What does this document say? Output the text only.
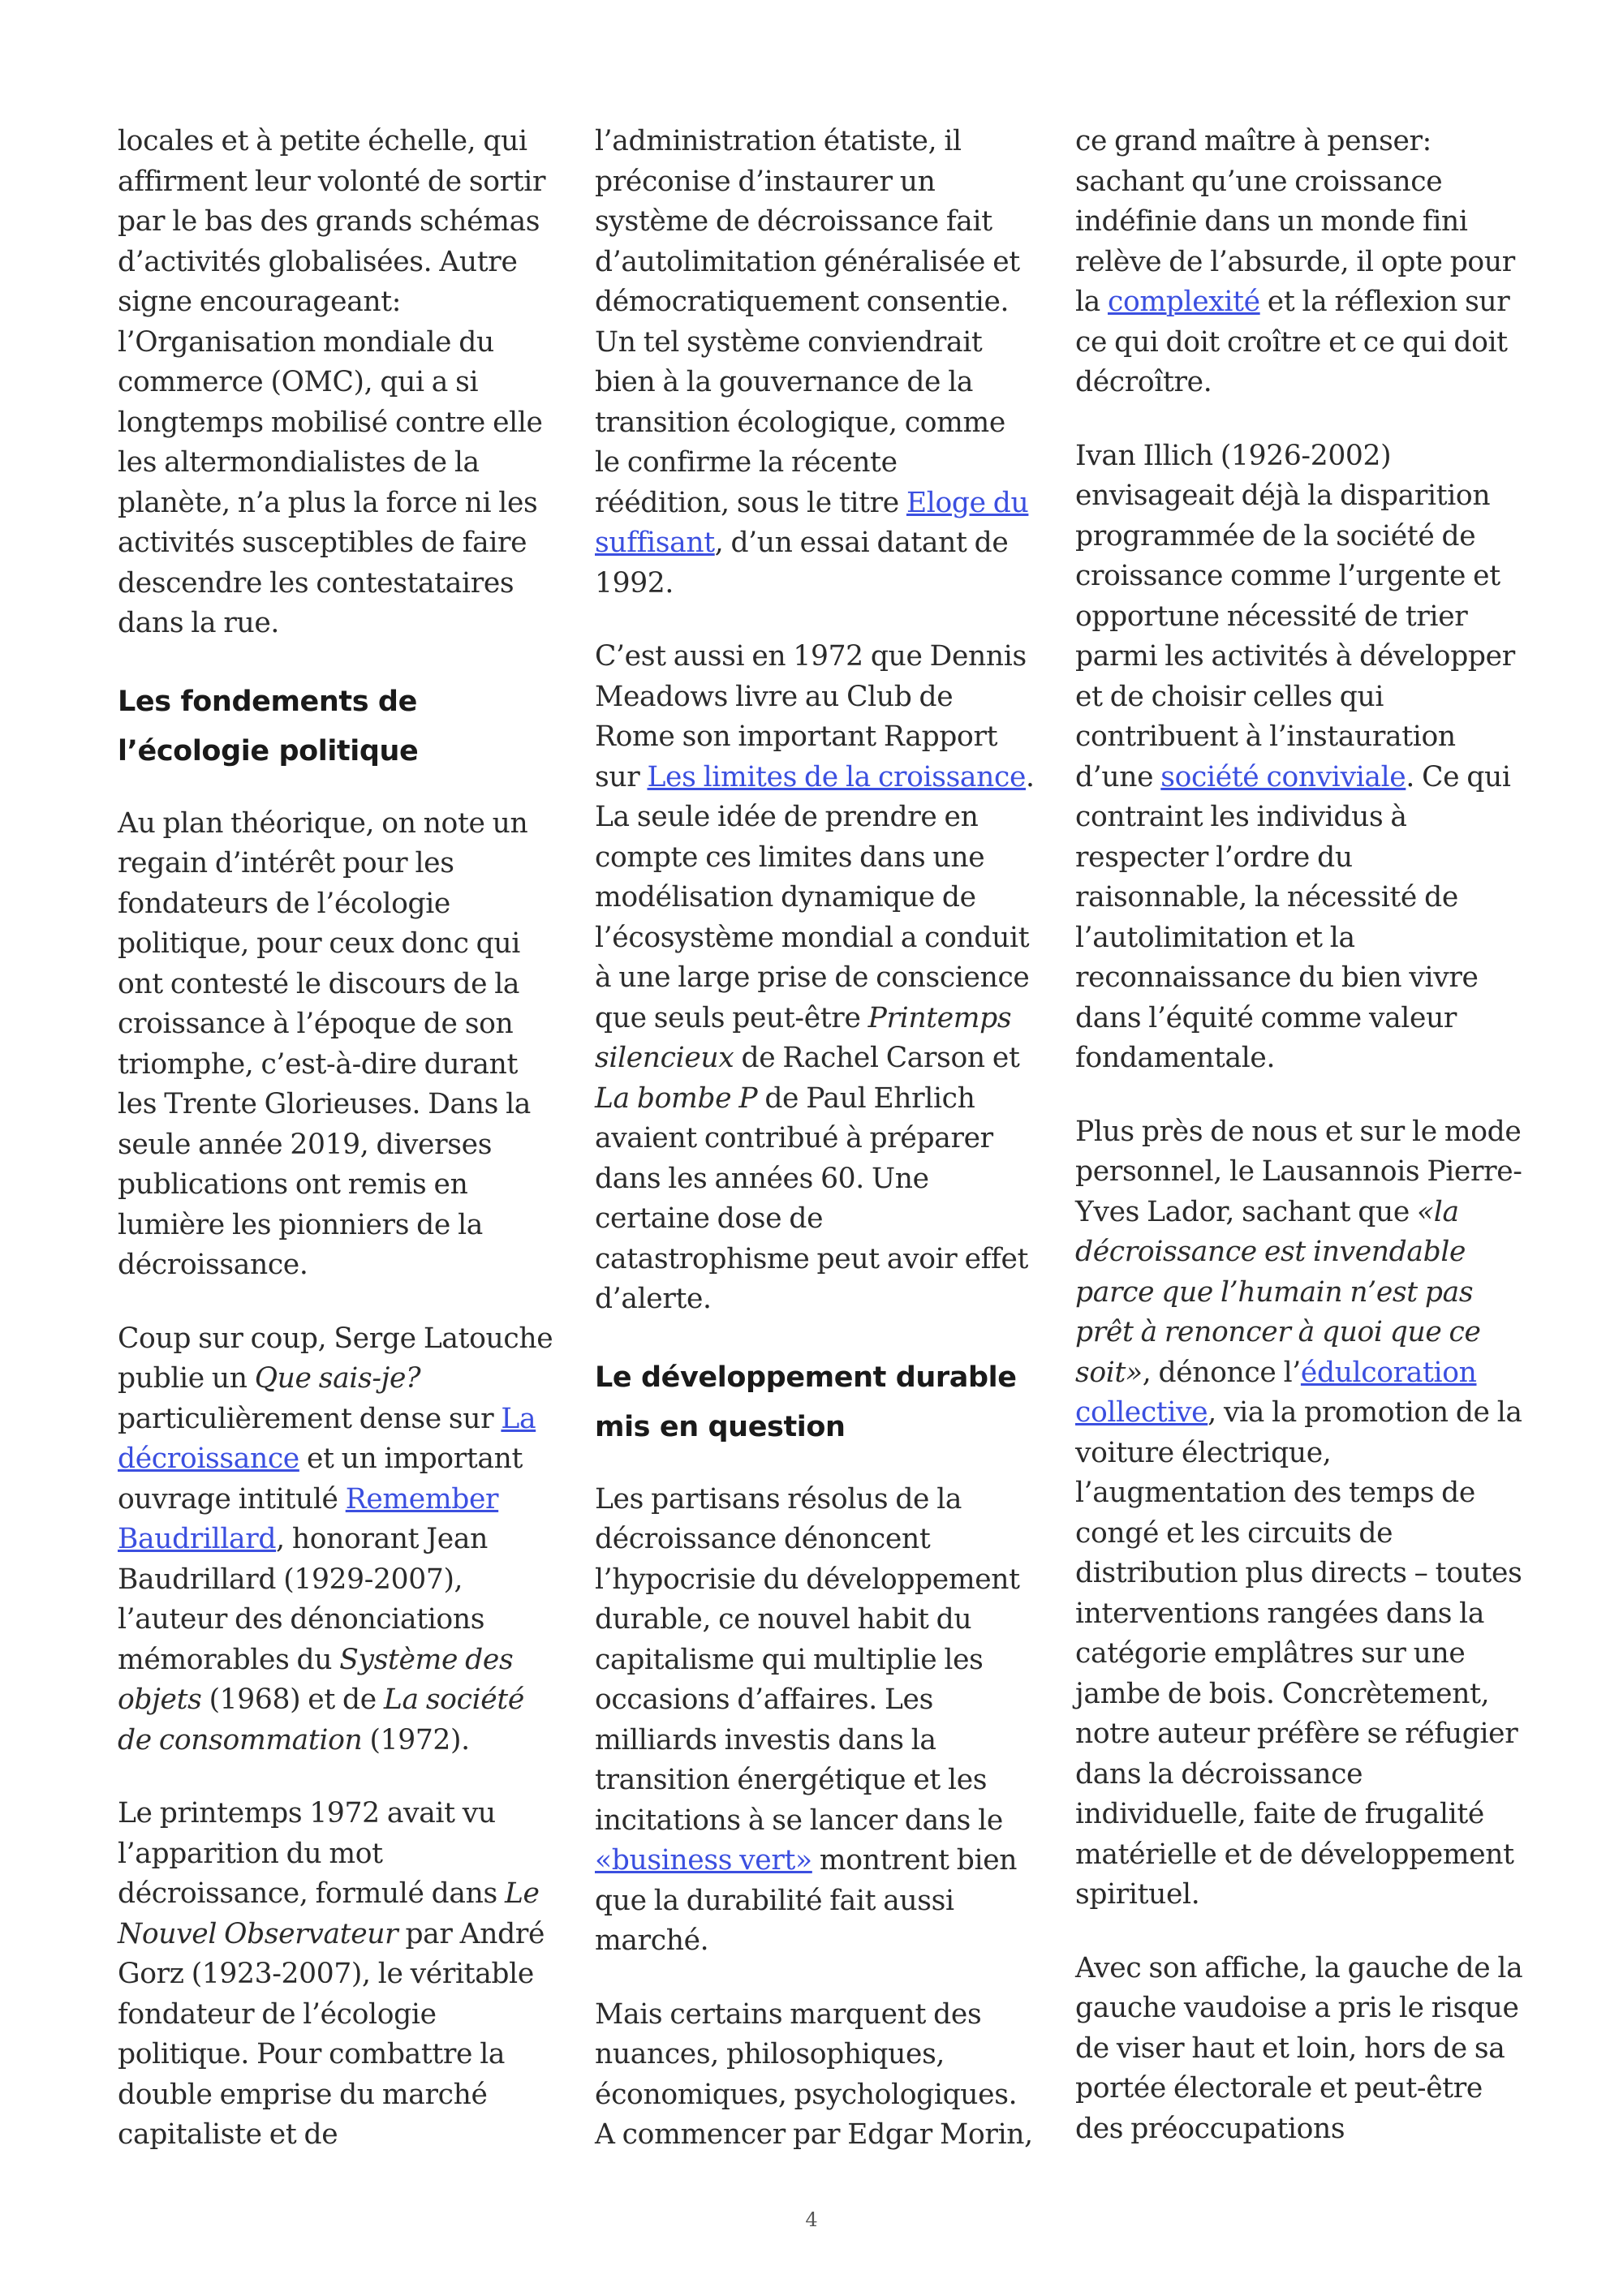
locales et à petite échelle, qui affirment leur volonté de sortir par le bas des grands schémas d’activités globalisées. Autre signe encourageant: l’Organisation mondiale du commerce (OMC), qui a si longtemps mobilisé contre elle les altermondialistes de la planète, n’a plus la force ni les activités susceptibles de faire descendre les contestataires dans la rue.

Les fondements de l’écologie politique

Au plan théorique, on note un regain d’intérêt pour les fondateurs de l’écologie politique, pour ceux donc qui ont contesté le discours de la croissance à l’époque de son triomphe, c’est-à-dire durant les Trente Glorieuses. Dans la seule année 2019, diverses publications ont remis en lumière les pionniers de la décroissance.

Coup sur coup, Serge Latouche publie un Que sais-je? particulièrement dense sur La décroissance et un important ouvrage intitulé Remember Baudrillard, honorant Jean Baudrillard (1929-2007), l’auteur des dénonciations mémorables du Système des objets (1968) et de La société de consommation (1972).

Le printemps 1972 avait vu l’apparition du mot décroissance, formulé dans Le Nouvel Observateur par André Gorz (1923-2007), le véritable fondateur de l’écologie politique. Pour combattre la double emprise du marché capitaliste et de

l’administration étatiste, il préconise d’instaurer un système de décroissance fait d’autolimitation généralisée et démocratiquement consentie. Un tel système conviendrait bien à la gouvernance de la transition écologique, comme le confirme la récente réédition, sous le titre Eloge du suffisant, d’un essai datant de 1992.

C’est aussi en 1972 que Dennis Meadows livre au Club de Rome son important Rapport sur Les limites de la croissance. La seule idée de prendre en compte ces limites dans une modélisation dynamique de l’écosystème mondial a conduit à une large prise de conscience que seuls peut-être Printemps silencieux de Rachel Carson et La bombe P de Paul Ehrlich avaient contribué à préparer dans les années 60. Une certaine dose de catastrophisme peut avoir effet d’alerte.

Le développement durable mis en question

Les partisans résolus de la décroissance dénoncent l’hypocrisie du développement durable, ce nouvel habit du capitalisme qui multiplie les occasions d’affaires. Les milliards investis dans la transition énergétique et les incitations à se lancer dans le «business vert» montrent bien que la durabilité fait aussi marché.

Mais certains marquent des nuances, philosophiques, économiques, psychologiques. A commencer par Edgar Morin,

ce grand maître à penser: sachant qu’une croissance indéfinie dans un monde fini relève de l’absurde, il opte pour la complexité et la réflexion sur ce qui doit croître et ce qui doit décroître.

Ivan Illich (1926-2002) envisageait déjà la disparition programmée de la société de croissance comme l’urgente et opportune nécessité de trier parmi les activités à développer et de choisir celles qui contribuent à l’instauration d’une société conviviale. Ce qui contraint les individus à respecter l’ordre du raisonnable, la nécessité de l’autolimitation et la reconnaissance du bien vivre dans l’équité comme valeur fondamentale.

Plus près de nous et sur le mode personnel, le Lausannois Pierre-Yves Lador, sachant que «la décroissance est invendable parce que l’humain n’est pas prêt à renoncer à quoi que ce soit», dénonce l’édulcoration collective, via la promotion de la voiture électrique, l’augmentation des temps de congé et les circuits de distribution plus directs – toutes interventions rangées dans la catégorie emplâtres sur une jambe de bois. Concrètement, notre auteur préfère se réfugier dans la décroissance individuelle, faite de frugalité matérielle et de développement spirituel.

Avec son affiche, la gauche de la gauche vaudoise a pris le risque de viser haut et loin, hors de sa portée électorale et peut-être des préoccupations

4
